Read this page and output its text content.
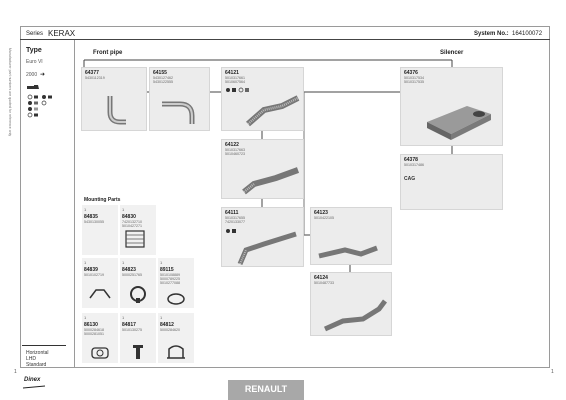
Manufacturer part numbers are quoted for reference only
Series KERAX	System No.: 164100072
Type
Euro VI
2000 ➜
Horizontal
LHD
Standard
Front pipe	Silencer
Mounting Parts
64377
5430112319
64155
5430127462
5430122555
64121
5010317661
5010607564
64376
5010317534
5010317535
64122
5010317663
5010460723
64378
5010317486
CAG
64111
5010317655
7420133077
64123
5010422105
64124
5010487733
1
84835
5430130055
1
84830
7420132710
5010427271
1
84839
5010102719
1
84823
5000251765
1
89115
5010108889
5000789225
5010277088
1
86130
5000284618
5000281051
1
84817
5010130275
1
84812
5000284620
1	1
Dinex
RENAULT
